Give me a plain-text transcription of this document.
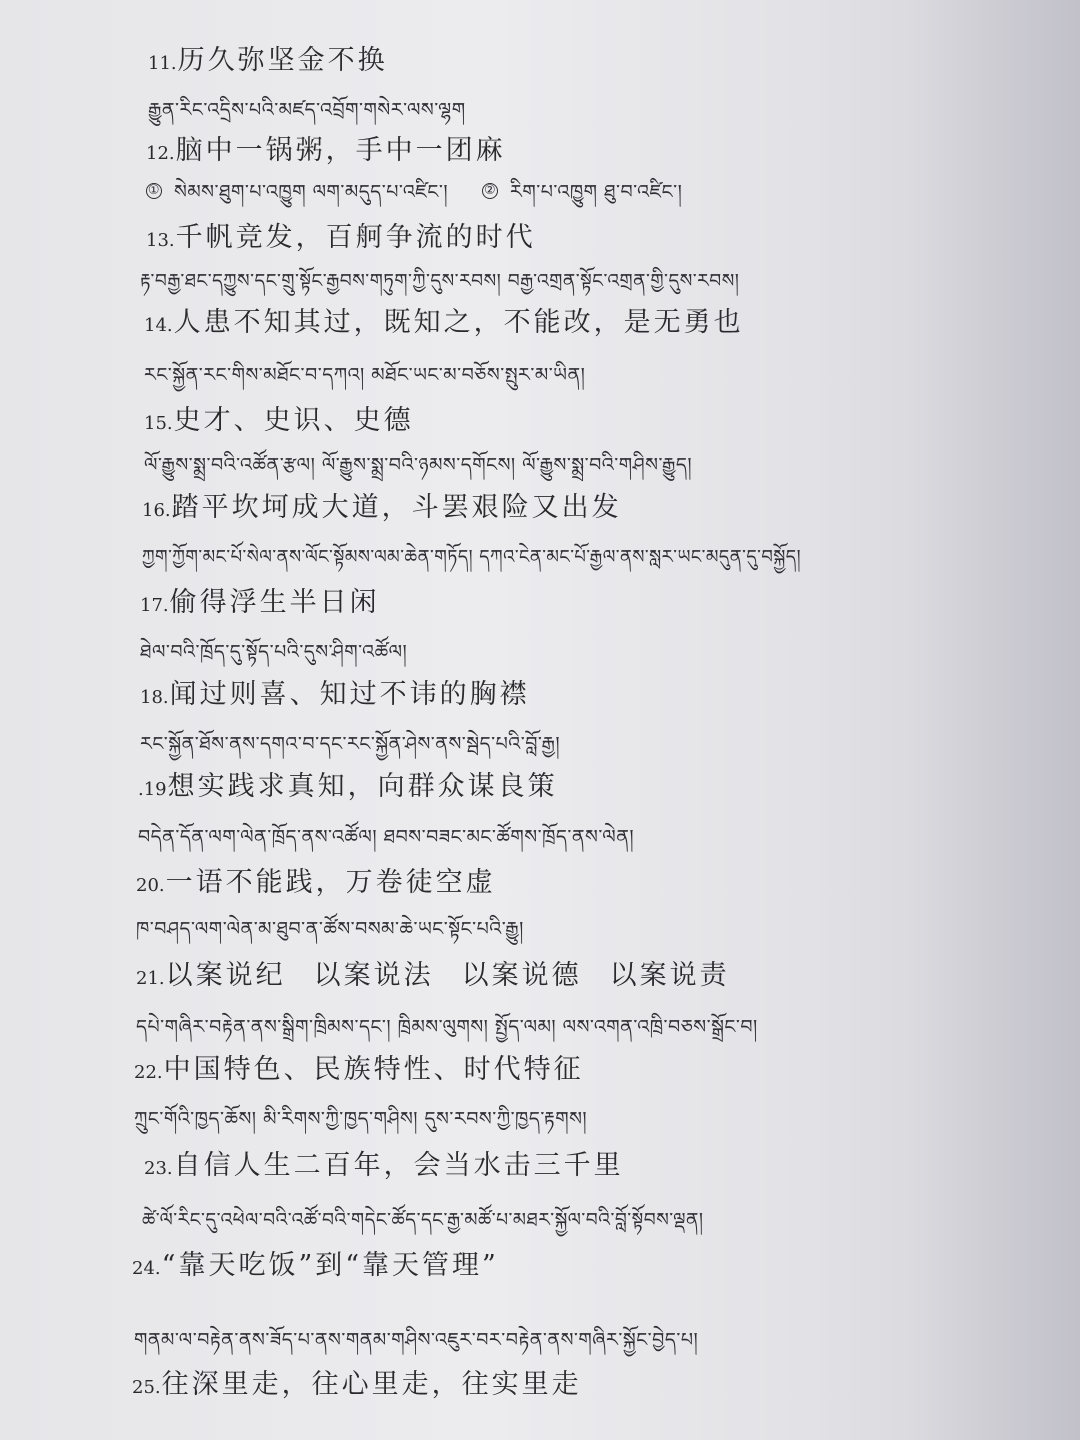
11.历久弥坚金不换
རྒྱུན་རིང་འདྲིས་པའི་མཛད་འབྲོག་གསེར་ལས་ལྷག
12.脑中一锅粥，手中一团麻
① སེམས་ཐུག་པ་འཁྱུག ལག་མདུད་པ་འཛིང་།	② རིག་པ་འཁྱུག ཐུ་བ་འཛིང་།
13.千帆竞发，百舸争流的时代
རྟ་བརྒྱ་ཐང་དཀྱུས་དང་གྲུ་སྟོང་རྒྱབས་གཏུག་ཀྱི་དུས་རབས། བརྒྱ་འགྲན་སྟོང་འགྲན་གྱི་དུས་རབས།
14.人患不知其过，既知之，不能改，是无勇也
རང་སྐྱོན་རང་གིས་མཐོང་བ་དཀའ། མཐོང་ཡང་མ་བཅོས་སྤུར་མ་ཡིན།
15.史才、史识、史德
ལོ་རྒྱུས་སྨྲ་བའི་འཚོན་རྩལ། ལོ་རྒྱུས་སྨྲ་བའི་ཉམས་དགོངས། ལོ་རྒྱུས་སྨྲ་བའི་གཤིས་རྒྱུད།
16.踏平坎坷成大道，斗罢艰险又出发
ཀྱག་ཀྱོག་མང་པོ་སེལ་ནས་ལོང་སྟོམས་ལམ་ཆེན་གཏོད། དཀའ་ངེན་མང་པོ་རྒྱལ་ནས་སླར་ཡང་མདུན་དུ་བསྐྱོད།
17.偷得浮生半日闲
ཐེལ་བའི་ཁྲོད་དུ་སྟོད་པའི་དུས་ཤིག་འཚོལ།
18.闻过则喜、知过不讳的胸襟
རང་སྐྱོན་ཐོས་ནས་དགའ་བ་དང་རང་སྐྱོན་ཤེས་ནས་སྦེད་པའི་བློ་རྒྱ།
.19想实践求真知，向群众谋良策
བདེན་དོན་ལག་ལེན་ཁྲོད་ནས་འཚོལ། ཐབས་བཟང་མང་ཚོགས་ཁྲོད་ནས་ལེན།
20.一语不能践，万卷徒空虚
ཁ་བཤད་ལག་ལེན་མ་ཐུབ་ན་ཚོས་བསམ་ཆེ་ཡང་སྟོང་པའི་རྒྱུ།
21.以案说纪 以案说法 以案说德 以案说责
དཔེ་གཞིར་བརྟེན་ནས་སྒྲིག་ཁྲིམས་དང་། ཁྲིམས་ལུགས། སྤྱོད་ལམ། ལས་འགན་འཁྲི་བཅས་སྒྲོང་བ།
22.中国特色、民族特性、时代特征
ཀྲུང་གོའི་ཁྱད་ཆོས། མི་རིགས་ཀྱི་ཁྱད་གཤིས། དུས་རབས་ཀྱི་ཁྱད་རྟགས།
23.自信人生二百年，会当水击三千里
ཚེ་ལོ་རིང་དུ་འཕེལ་བའི་འཚོ་བའི་གདེང་ཚོད་དང་རྒྱ་མཚོ་པ་མཐར་སྐྱོལ་བའི་བློ་སྟོབས་ལྡན།
24.“靠天吃饭”到“靠天管理”
གནམ་ལ་བརྟེན་ནས་ཟོད་པ་ནས་གནམ་གཤིས་འཇུར་བར་བརྟེན་ནས་གཞིར་སྐྱོང་བྱེད་པ།
25.往深里走，往心里走，往实里走
